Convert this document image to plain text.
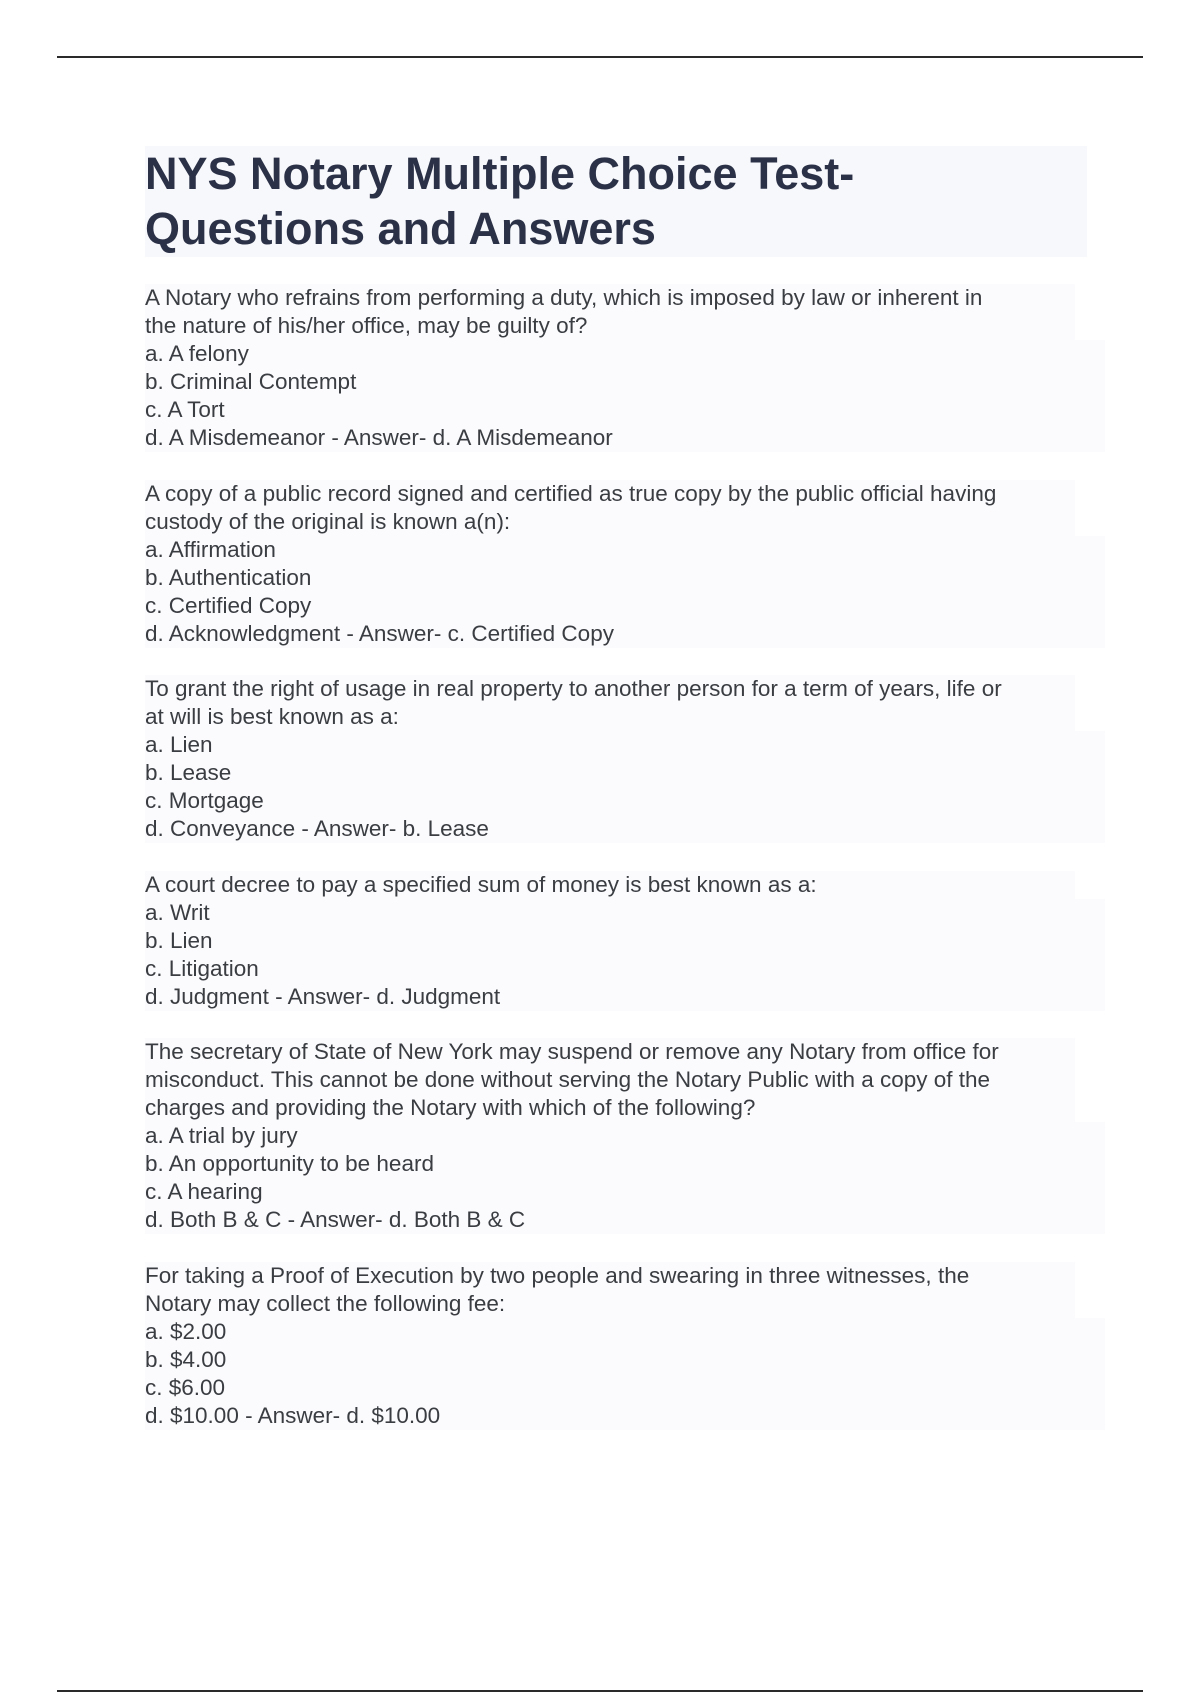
NYS Notary Multiple Choice Test-
Questions and Answers
A Notary who refrains from performing a duty, which is imposed by law or inherent in
the nature of his/her office, may be guilty of?
a. A felony
b. Criminal Contempt
c. A Tort
d. A Misdemeanor - Answer- d. A Misdemeanor
A copy of a public record signed and certified as true copy by the public official having
custody of the original is known a(n):
a. Affirmation
b. Authentication
c. Certified Copy
d. Acknowledgment - Answer- c. Certified Copy
To grant the right of usage in real property to another person for a term of years, life or
at will is best known as a:
a. Lien
b. Lease
c. Mortgage
d. Conveyance - Answer- b. Lease
A court decree to pay a specified sum of money is best known as a:
a. Writ
b. Lien
c. Litigation
d. Judgment - Answer- d. Judgment
The secretary of State of New York may suspend or remove any Notary from office for
misconduct. This cannot be done without serving the Notary Public with a copy of the
charges and providing the Notary with which of the following?
a. A trial by jury
b. An opportunity to be heard
c. A hearing
d. Both B & C - Answer- d. Both B & C
For taking a Proof of Execution by two people and swearing in three witnesses, the
Notary may collect the following fee:
a. $2.00
b. $4.00
c. $6.00
d. $10.00 - Answer- d. $10.00
